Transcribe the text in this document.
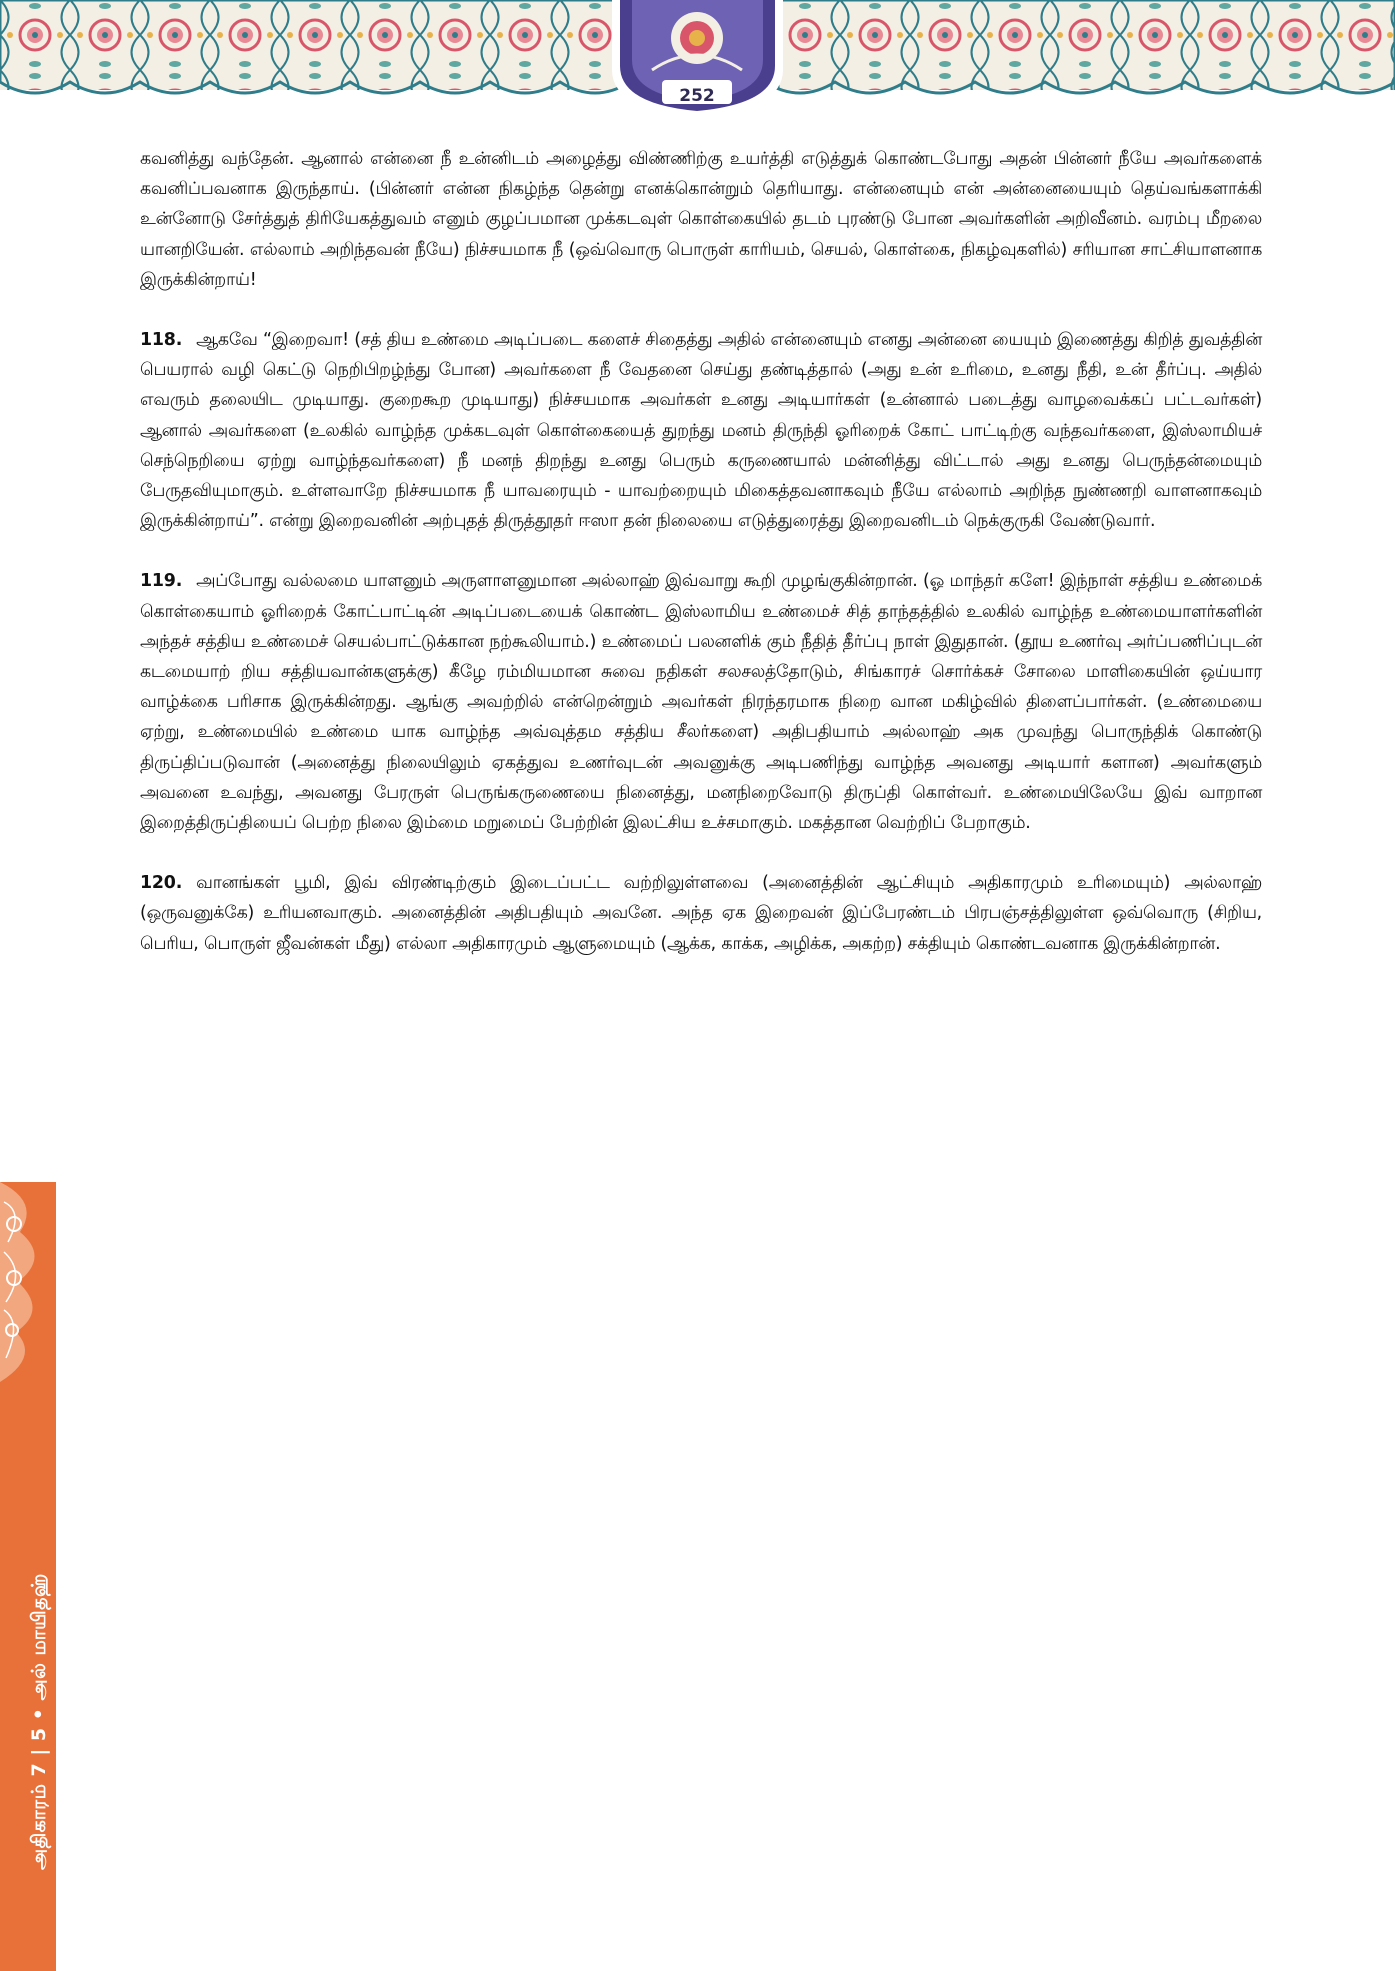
252
அதிகாரம் 7 | 5 • அல் மாயிதஹ்

கவனித்து வந்தேன். ஆனால் என்னை நீ உன்னிடம் அழைத்து விண்ணிற்கு உயர்த்தி எடுத்துக் கொண்டபோது அதன் பின்னர் நீயே அவர்களைக் கவனிப்பவனாக இருந்தாய். (பின்னர் என்ன நிகழ்ந்த தென்று எனக்கொன்றும் தெரியாது. என்னையும் என் அன்னையையும் தெய்வங்களாக்கி உன்னோடு சேர்த்துத் திரியேகத்துவம் எனும் குழப்பமான முக்கடவுள் கொள்கையில் தடம் புரண்டு போன அவர்களின் அறிவீனம். வரம்பு மீறலை யானறியேன். எல்லாம் அறிந்தவன் நீயே) நிச்சயமாக நீ (ஒவ்வொரு பொருள் காரியம், செயல், கொள்கை, நிகழ்வுகளில்) சரியான சாட்சியாளனாக இருக்கின்றாய்!

118. ஆகவே “இறைவா! (சத் திய உண்மை அடிப்படை களைச் சிதைத்து அதில் என்னையும் எனது அன்னை யையும் இணைத்து கிறித் துவத்தின் பெயரால் வழி கெட்டு நெறிபிறழ்ந்து போன) அவர்களை நீ வேதனை செய்து தண்டித்தால் (அது உன் உரிமை, உனது நீதி, உன் தீர்ப்பு. அதில் எவரும் தலையிட முடியாது. குறைகூற முடியாது) நிச்சயமாக அவர்கள் உனது அடியார்கள் (உன்னால் படைத்து வாழவைக்கப் பட்டவர்கள்) ஆனால் அவர்களை (உலகில் வாழ்ந்த முக்கடவுள் கொள்கையைத் துறந்து மனம் திருந்தி ஓரிறைக் கோட் பாட்டிற்கு வந்தவர்களை, இஸ்லாமியச் செந்நெறியை ஏற்று வாழ்ந்தவர்களை) நீ மனந் திறந்து உனது பெரும் கருணையால் மன்னித்து விட்டால் அது உனது பெருந்தன்மையும் பேருதவியுமாகும். உள்ளவாறே நிச்சயமாக நீ யாவரையும் - யாவற்றையும் மிகைத்தவனாகவும் நீயே எல்லாம் அறிந்த நுண்ணறி வாளனாகவும் இருக்கின்றாய்”. என்று இறைவனின் அற்புதத் திருத்தூதர் ஈஸா தன் நிலையை எடுத்துரைத்து இறைவனிடம் நெக்குருகி வேண்டுவார்.

119. அப்போது வல்லமை யாளனும் அருளாளனுமான அல்லாஹ் இவ்வாறு கூறி முழங்குகின்றான். (ஓ மாந்தர் களே! இந்நாள் சத்திய உண்மைக் கொள்கையாம் ஓரிறைக் கோட்பாட்டின் அடிப்படையைக் கொண்ட இஸ்லாமிய உண்மைச் சித் தாந்தத்தில் உலகில் வாழ்ந்த உண்மையாளர்களின் அந்தச் சத்திய உண்மைச் செயல்பாட்டுக்கான நற்கூலியாம்.) உண்மைப் பலனளிக் கும் நீதித் தீர்ப்பு நாள் இதுதான். (தூய உணர்வு அர்ப்பணிப்புடன் கடமையாற் றிய சத்தியவான்களுக்கு) கீழே ரம்மியமான சுவை நதிகள் சலசலத்தோடும், சிங்காரச் சொர்க்கச் சோலை மாளிகையின் ஒய்யார வாழ்க்கை பரிசாக இருக்கின்றது. ஆங்கு அவற்றில் என்றென்றும் அவர்கள் நிரந்தரமாக நிறை வான மகிழ்வில் திளைப்பார்கள். (உண்மையை ஏற்று, உண்மையில் உண்மை யாக வாழ்ந்த அவ்வுத்தம சத்திய சீலர்களை) அதிபதியாம் அல்லாஹ் அக முவந்து பொருந்திக் கொண்டு திருப்திப்படுவான் (அனைத்து நிலையிலும் ஏகத்துவ உணர்வுடன் அவனுக்கு அடிபணிந்து வாழ்ந்த அவனது அடியார் களான) அவர்களும் அவனை உவந்து, அவனது பேரருள் பெருங்கருணையை நினைத்து, மனநிறைவோடு திருப்தி கொள்வர். உண்மையிலேயே இவ் வாறான இறைத்திருப்தியைப் பெற்ற நிலை இம்மை மறுமைப் பேற்றின் இலட்சிய உச்சமாகும். மகத்தான வெற்றிப் பேறாகும்.

120. வானங்கள் பூமி, இவ் விரண்டிற்கும் இடைப்பட்ட வற்றிலுள்ளவை (அனைத்தின் ஆட்சியும் அதிகாரமும் உரிமையும்) அல்லாஹ் (ஒருவனுக்கே) உரியனவாகும். அனைத்தின் அதிபதியும் அவனே. அந்த ஏக இறைவன் இப்பேரண்டம் பிரபஞ்சத்திலுள்ள ஒவ்வொரு (சிறிய, பெரிய, பொருள் ஜீவன்கள் மீது) எல்லா அதிகாரமும் ஆளுமையும் (ஆக்க, காக்க, அழிக்க, அகற்ற) சக்தியும் கொண்டவனாக இருக்கின்றான்.
